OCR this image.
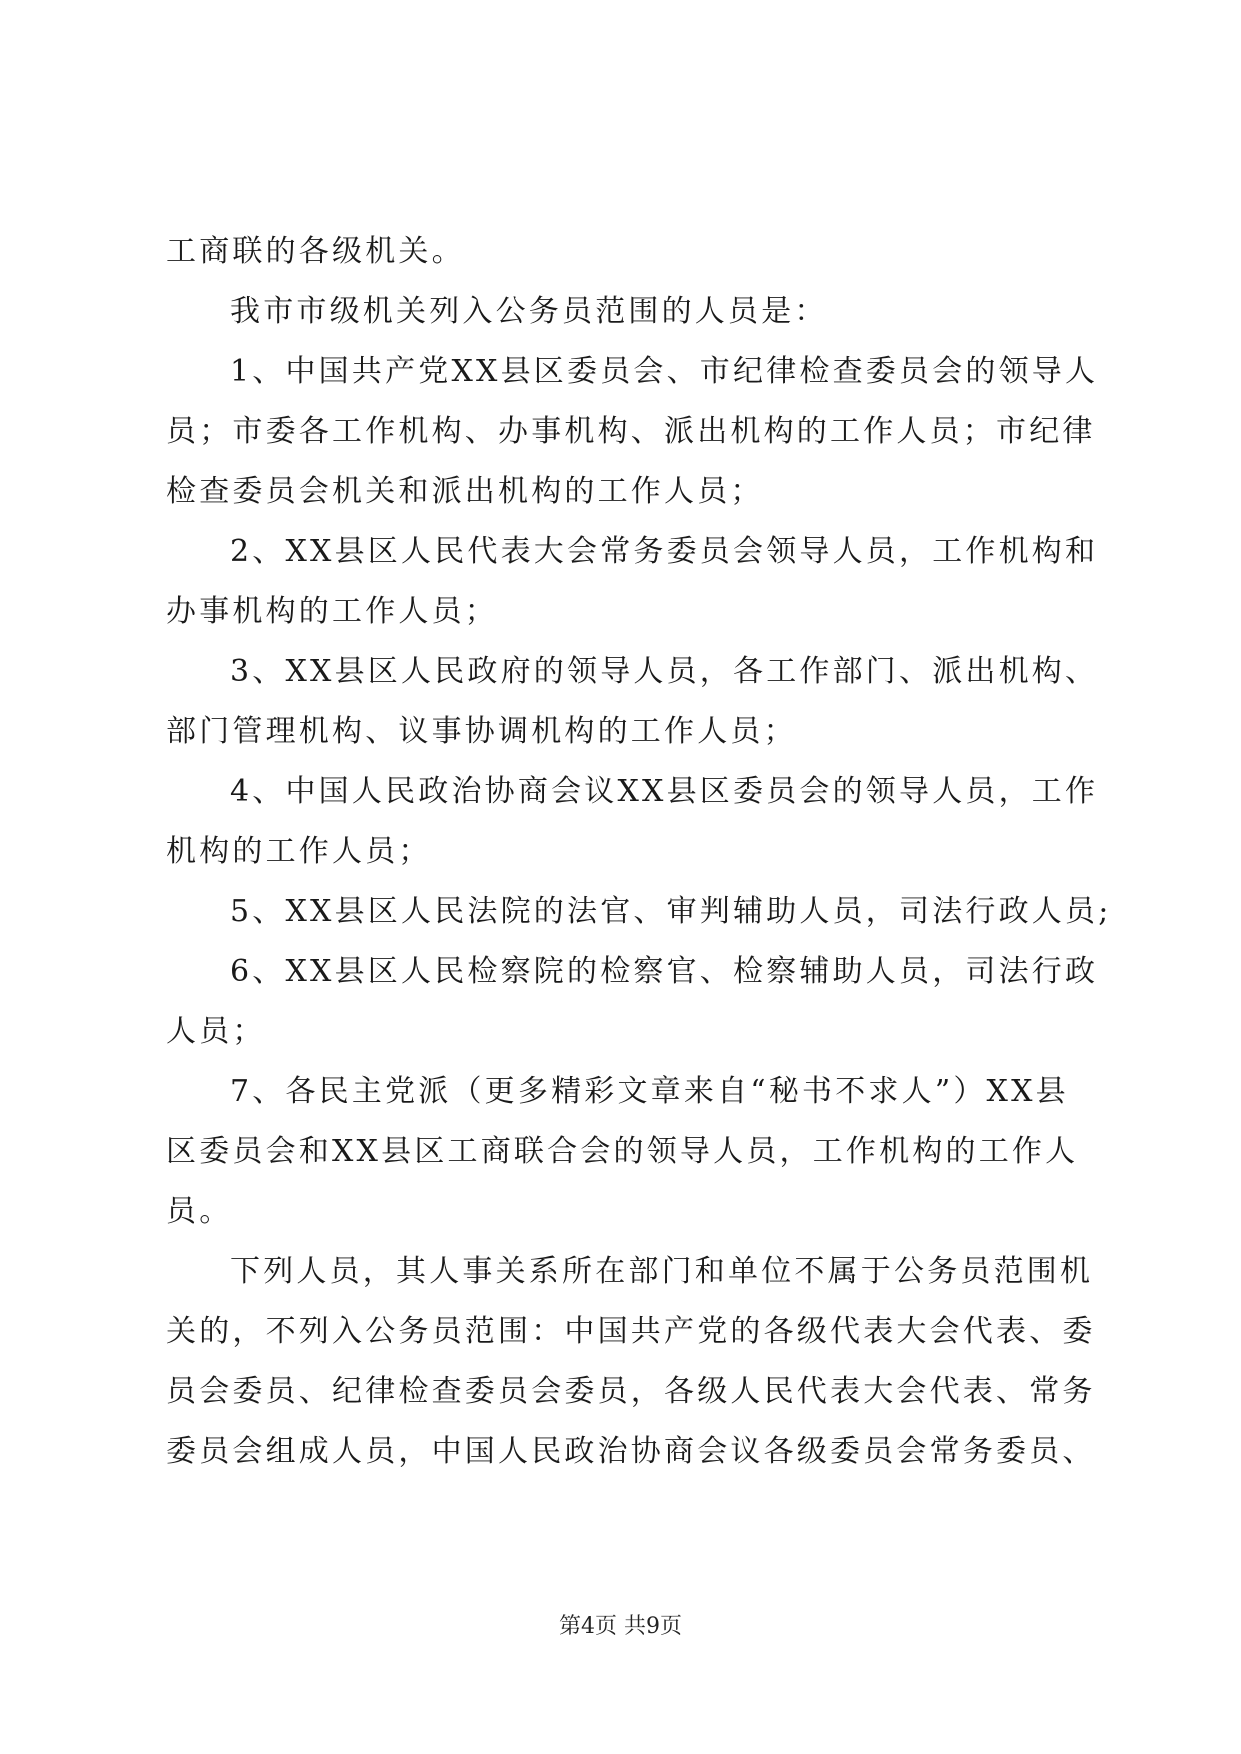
工商联的各级机关。
我市市级机关列入公务员范围的人员是：
1、中国共产党XX县区委员会、市纪律检查委员会的领导人
员；市委各工作机构、办事机构、派出机构的工作人员；市纪律
检查委员会机关和派出机构的工作人员；
2、XX县区人民代表大会常务委员会领导人员，工作机构和
办事机构的工作人员；
3、XX县区人民政府的领导人员，各工作部门、派出机构、
部门管理机构、议事协调机构的工作人员；
4、中国人民政治协商会议XX县区委员会的领导人员，工作
机构的工作人员；
5、XX县区人民法院的法官、审判辅助人员，司法行政人员;
6、XX县区人民检察院的检察官、检察辅助人员，司法行政
人员；
7、各民主党派（更多精彩文章来自“秘书不求人”）XX县
区委员会和XX县区工商联合会的领导人员，工作机构的工作人
员。
下列人员，其人事关系所在部门和单位不属于公务员范围机
关的，不列入公务员范围：中国共产党的各级代表大会代表、委
员会委员、纪律检查委员会委员，各级人民代表大会代表、常务
委员会组成人员，中国人民政治协商会议各级委员会常务委员、
第4页 共9页
